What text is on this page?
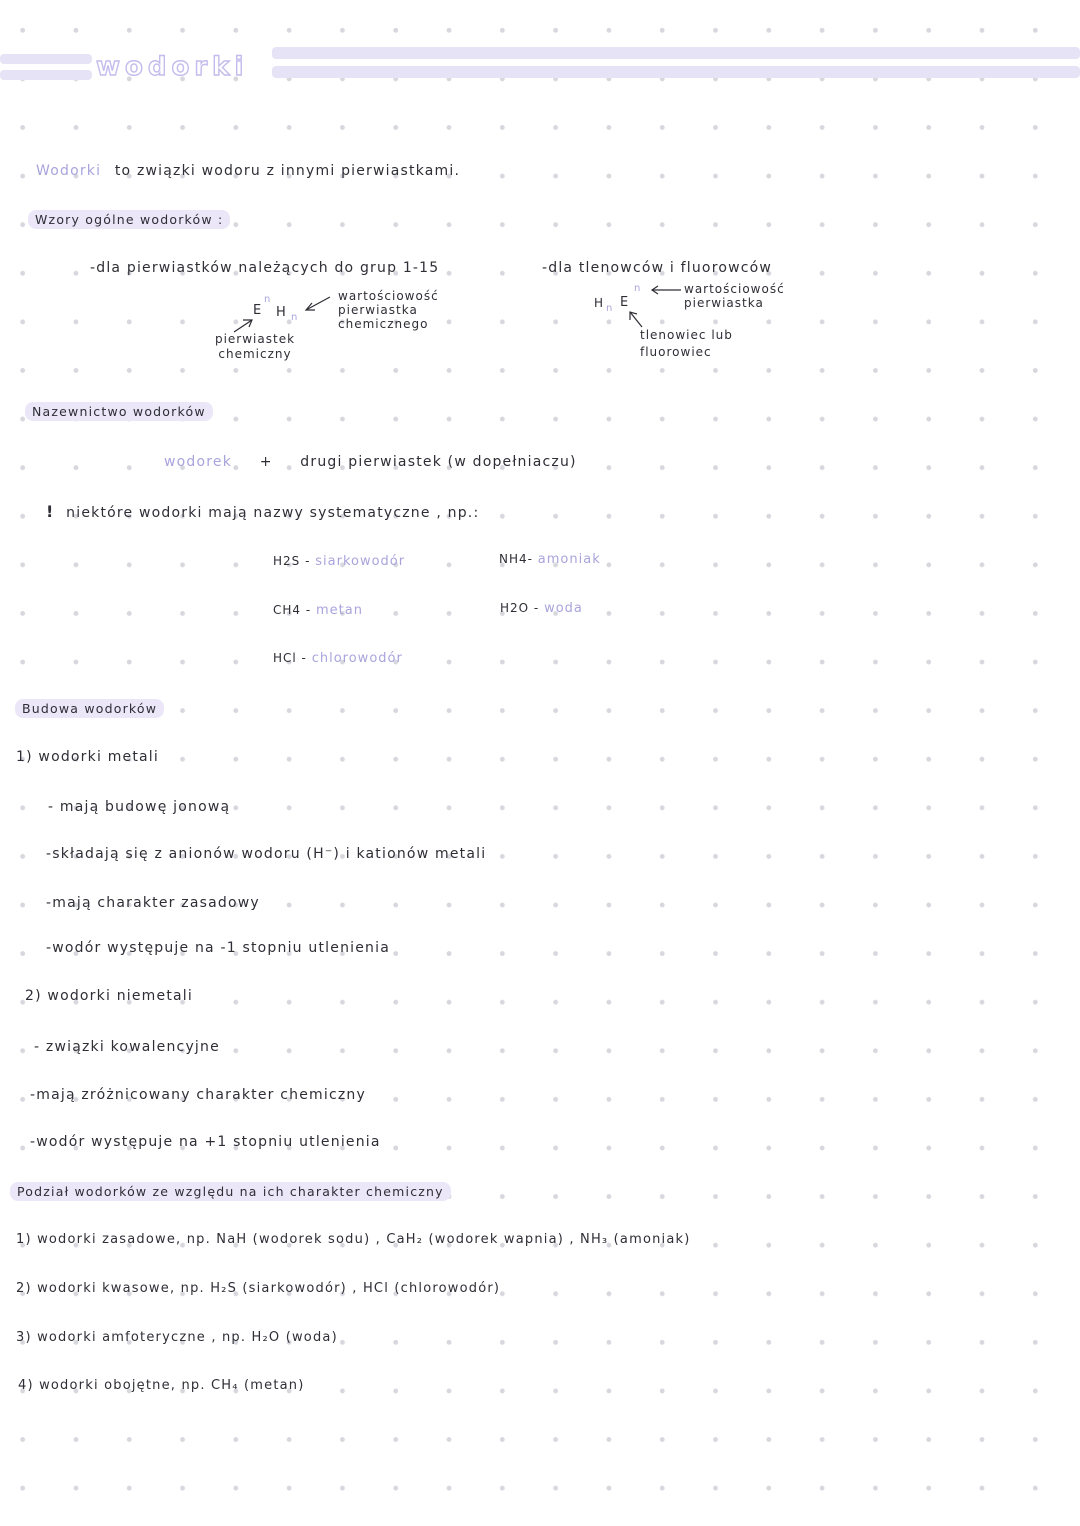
wodorki
Wodorki to związki wodoru z innymi pierwiastkami.
Wzory ogólne wodorków :
-dla pierwiastków należących do grup 1-15
n
E H n
wartościowość pierwiastka chemicznego
pierwiastek chemiczny
-dla tlenowców i fluorowców
H n E
n	wartościowość pierwiastka
tlenowiec lub fluorowiec
Nazewnictwo wodorków
wodorek + drugi pierwiastek (w dopełniaczu)
! niektóre wodorki mają nazwy systematyczne , np.:
H2S - siarkowodór	NH4- amoniak
CH4 - metan	H2O - woda
HCl - chlorowodór
Budowa wodorków
1) wodorki metali
- mają budowę jonową
-składają się z anionów wodoru (H⁻) i kationów metali
-mają charakter zasadowy
-wodór występuje na -1 stopniu utlenienia
2) wodorki niemetali
- związki kowalencyjne
-mają zróżnicowany charakter chemiczny
-wodór występuje na +1 stopniu utlenienia
Podział wodorków ze względu na ich charakter chemiczny
1) wodorki zasadowe, np. NaH (wodorek sodu) , CaH₂ (wodorek wapnia) , NH₃ (amoniak)
2) wodorki kwasowe, np. H₂S (siarkowodór) , HCl (chlorowodór)
3) wodorki amfoteryczne , np. H₂O (woda)
4) wodorki obojętne, np. CH₄ (metan)
